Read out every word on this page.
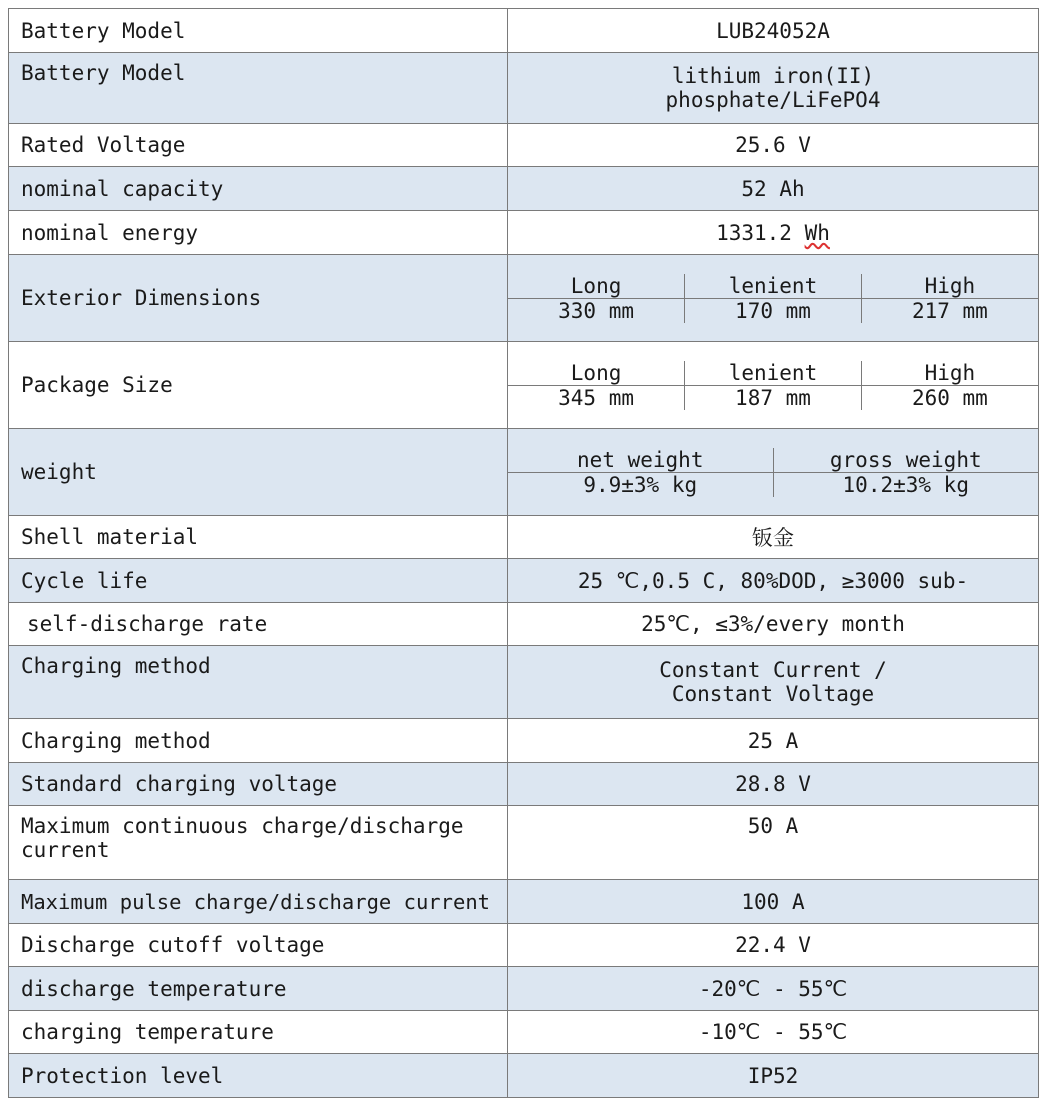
Battery Model	LUB24052A
Battery Model	lithium iron(II)
phosphate/LiFePO4

Rated Voltage	25.6 V
nominal capacity	52 Ah
nominal energy	1331.2 Wh
Exterior Dimensions	
Long	lenient	High
330 mm	170 mm	217 mm

Package Size	
Long	lenient	High
345 mm	187 mm	260 mm

weight	
net weight	gross weight
9.9±3% kg	10.2±3% kg

Shell material	钣金
Cycle life	25 ℃,0.5 C, 80%DOD, ≥3000 sub-
self-discharge rate	25℃, ≤3%/every month
Charging method	Constant Current /
Constant Voltage

Charging method	25 A
Standard charging voltage	28.8 V

Maximum continuous charge/discharge
current
	50 A
Maximum pulse charge/discharge current	100 A
Discharge cutoff voltage	22.4 V
discharge temperature	-20℃ - 55℃
charging temperature	-10℃ - 55℃
Protection level	IP52
